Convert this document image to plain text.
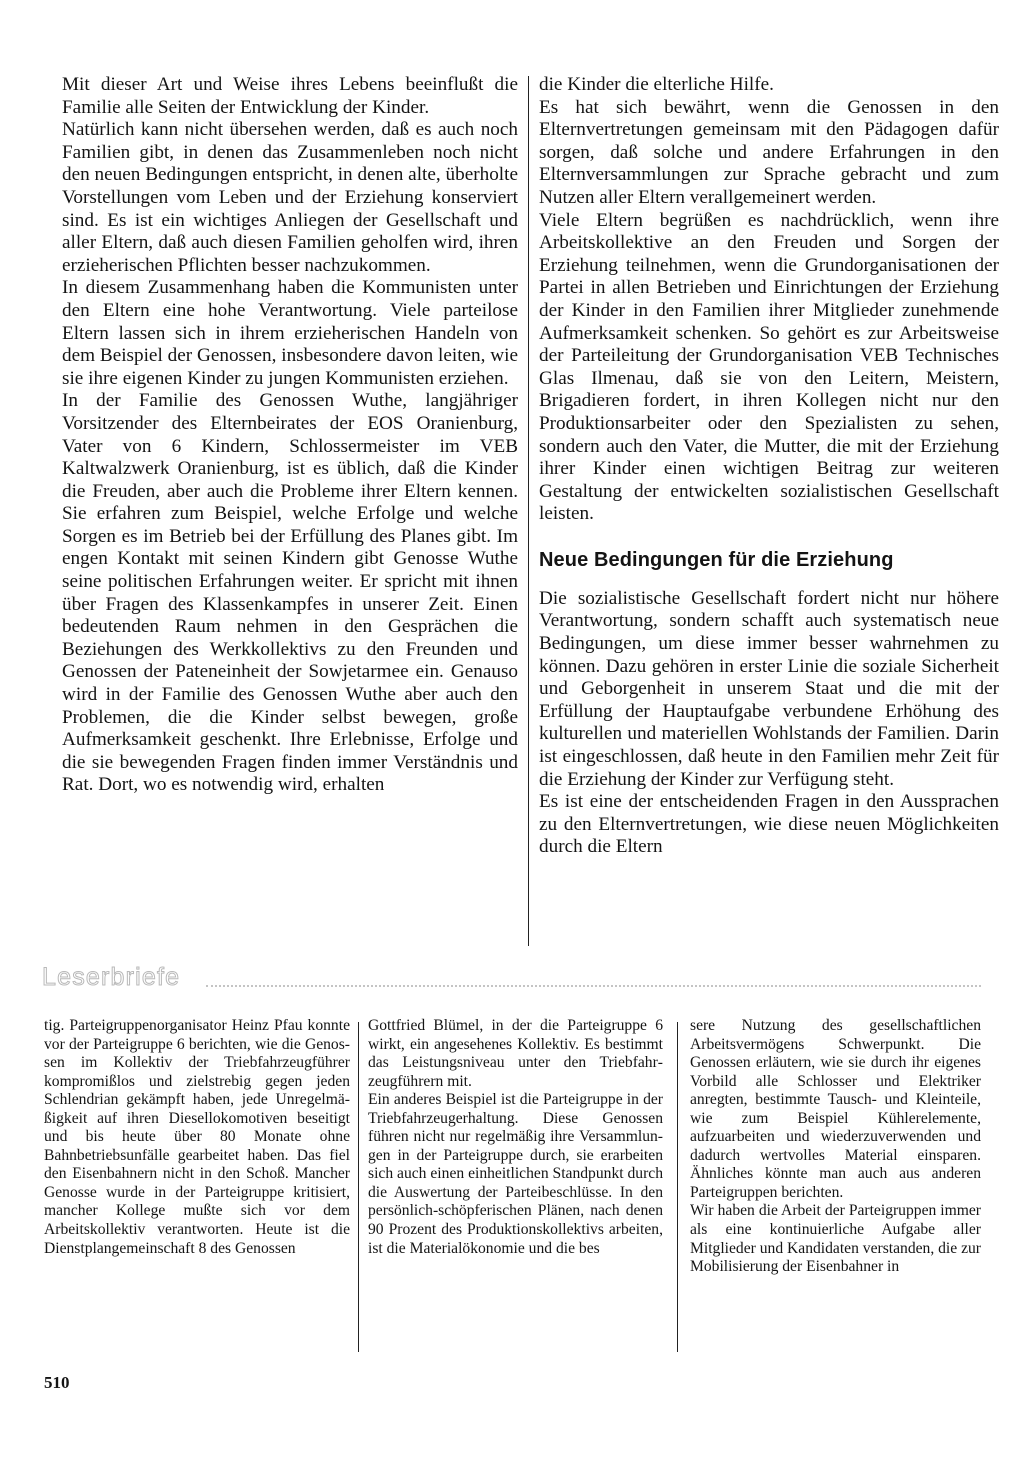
Mit dieser Art und Weise ihres Lebens beeinflußt die Familie alle Seiten der Entwicklung der Kinder.

Natürlich kann nicht übersehen werden, daß es auch noch Familien gibt, in denen das Zusammenleben noch nicht den neuen Bedingungen entspricht, in denen alte, überholte Vorstellungen vom Leben und der Erziehung konserviert sind. Es ist ein wichtiges Anliegen der Gesellschaft und aller Eltern, daß auch diesen Familien geholfen wird, ihren erzieherischen Pflichten besser nachzukommen.

In diesem Zusammenhang haben die Kommunisten unter den Eltern eine hohe Verantwortung. Viele parteilose Eltern lassen sich in ihrem erzieherischen Handeln von dem Beispiel der Genossen, insbesondere davon leiten, wie sie ihre eigenen Kinder zu jungen Kommunisten erziehen.

In der Familie des Genossen Wuthe, langjähriger Vorsitzender des Elternbeirates der EOS Oranienburg, Vater von 6 Kindern, Schlossermeister im VEB Kaltwalzwerk Oranienburg, ist es üblich, daß die Kinder die Freuden, aber auch die Probleme ihrer Eltern kennen. Sie erfahren zum Beispiel, welche Erfolge und welche Sorgen es im Betrieb bei der Erfüllung des Planes gibt. Im engen Kontakt mit seinen Kindern gibt Genosse Wuthe seine politischen Erfahrungen weiter. Er spricht mit ihnen über Fragen des Klassenkampfes in unserer Zeit. Einen bedeutenden Raum nehmen in den Gesprächen die Beziehungen des Werkkollektivs zu den Freunden und Genossen der Pateneinheit der Sowjetarmee ein. Genauso wird in der Familie des Genossen Wuthe aber auch den Problemen, die die Kinder selbst bewegen, große Aufmerksamkeit geschenkt. Ihre Erlebnisse, Erfolge und die sie bewegenden Fragen finden immer Verständnis und Rat. Dort, wo es notwendig wird, erhalten

die Kinder die elterliche Hilfe.

Es hat sich bewährt, wenn die Genossen in den Elternvertretungen gemeinsam mit den Pädagogen dafür sorgen, daß solche und andere Erfahrungen in den Elternversammlungen zur Sprache gebracht und zum Nutzen aller Eltern verallgemeinert werden.

Viele Eltern begrüßen es nachdrücklich, wenn ihre Arbeitskollektive an den Freuden und Sorgen der Erziehung teilnehmen, wenn die Grundorganisationen der Partei in allen Betrieben und Einrichtungen der Erziehung der Kinder in den Familien ihrer Mitglieder zunehmende Aufmerksamkeit schenken. So gehört es zur Arbeitsweise der Parteileitung der Grundorganisation VEB Technisches Glas Ilmenau, daß sie von den Leitern, Meistern, Brigadieren fordert, in ihren Kollegen nicht nur den Produktionsarbeiter oder den Spezialisten zu sehen, sondern auch den Vater, die Mutter, die mit der Erziehung ihrer Kinder einen wichtigen Beitrag zur weiteren Gestaltung der entwickelten sozialistischen Gesellschaft leisten.

Neue Bedingungen für die Erziehung

Die sozialistische Gesellschaft fordert nicht nur höhere Verantwortung, sondern schafft auch systematisch neue Bedingungen, um diese immer besser wahrnehmen zu können. Dazu gehören in erster Linie die soziale Sicherheit und Geborgenheit in unserem Staat und die mit der Erfüllung der Hauptaufgabe verbundene Erhöhung des kulturellen und materiellen Wohlstands der Familien. Darin ist eingeschlossen, daß heute in den Familien mehr Zeit für die Erziehung der Kinder zur Verfügung steht.

Es ist eine der entscheidenden Fragen in den Aussprachen zu den Elternvertretungen, wie diese neuen Möglichkeiten durch die Eltern

Leserbriefe

tig. Parteigruppenorganisator Heinz Pfau konnte vor der Parteigruppe 6 berichten, wie die Genossen im Kollektiv der Triebfahrzeugführer kompromißlos und zielstrebig gegen jeden Schlendrian gekämpft haben, jede Unregelmäßigkeit auf ihren Diesellokomotiven beseitigt und bis heute über 80 Monate ohne Bahnbetriebsunfälle gearbeitet haben. Das fiel den Eisenbahnern nicht in den Schoß. Mancher Genosse wurde in der Parteigruppe kritisiert, mancher Kollege mußte sich vor dem Arbeitskollektiv verantworten. Heute ist die Dienstplangemeinschaft 8 des Genossen

Gottfried Blümel, in der die Parteigruppe 6 wirkt, ein angesehenes Kollektiv. Es bestimmt das Leistungsniveau unter den Triebfahrzeugführern mit.

Ein anderes Beispiel ist die Parteigruppe in der Triebfahrzeugerhaltung. Diese Genossen führen nicht nur regelmäßig ihre Versammlungen in der Parteigruppe durch, sie erarbeiten sich auch einen einheitlichen Standpunkt durch die Auswertung der Parteibeschlüsse. In den persönlich-schöpferischen Plänen, nach denen 90 Prozent des Produktionskollektivs arbeiten, ist die Materialökonomie und die bes

sere Nutzung des gesellschaftlichen Arbeitsvermögens Schwerpunkt. Die Genossen erläutern, wie sie durch ihr eigenes Vorbild alle Schlosser und Elektriker anregten, bestimmte Tausch- und Kleinteile, wie zum Beispiel Kühlerelemente, aufzuarbeiten und wiederzuverwenden und dadurch wertvolles Material einsparen. Ähnliches könnte man auch aus anderen Parteigruppen berichten.

Wir haben die Arbeit der Parteigruppen immer als eine kontinuierliche Aufgabe aller Mitglieder und Kandidaten verstanden, die zur Mobilisierung der Eisenbahner in

510
